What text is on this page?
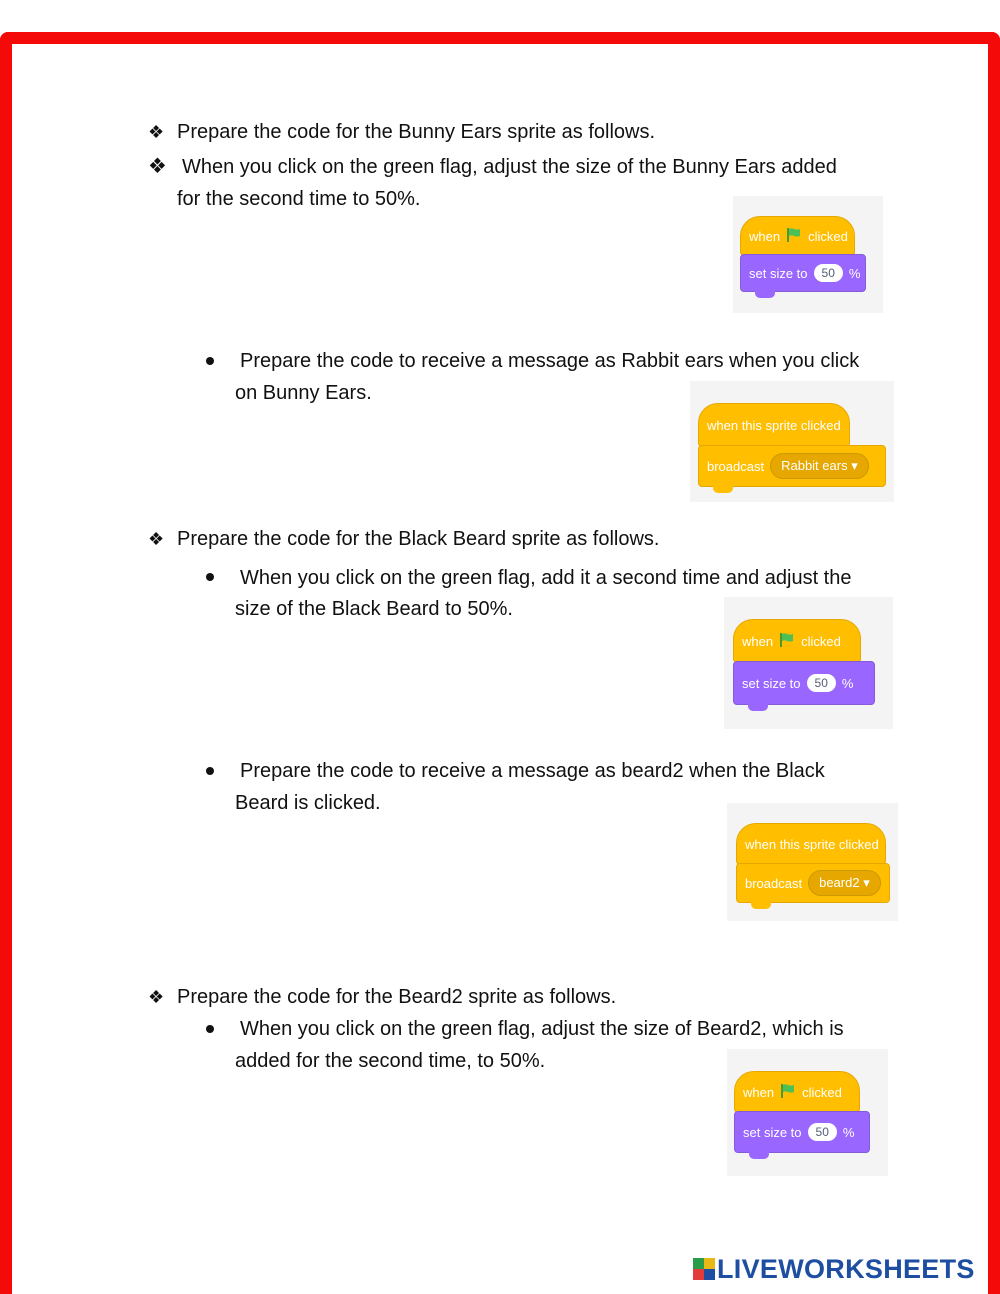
❖ Prepare the code for the Bunny Ears sprite as follows.
❖ When you click on the green flag, adjust the size of the Bunny Ears added
for the second time to 50%.
when clicked
set size to	50	%
Prepare the code to receive a message as Rabbit ears when you click
on Bunny Ears.
when this sprite clicked
broadcast	Rabbit ears ▾
❖ Prepare the code for the Black Beard sprite as follows.
When you click on the green flag, add it a second time and adjust the
size of the Black Beard to 50%.
when clicked
set size to	50	%
Prepare the code to receive a message as beard2 when the Black
Beard is clicked.
when this sprite clicked
broadcast	beard2 ▾
❖ Prepare the code for the Beard2 sprite as follows.
When you click on the green flag, adjust the size of Beard2, which is
added for the second time, to 50%.
when clicked
set size to	50	%
LIVEWORKSHEETS
